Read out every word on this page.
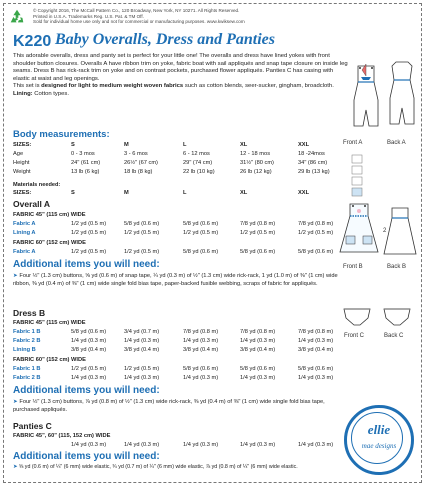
© Copyright 2016, The McCall Pattern Co., 120 Broadway, New York, NY 10271. All Rights Reserved.
Printed in U.S.A. Trademarks Reg. U.S. Pat. & TM Off.
Sold for individual home use only and not for commercial or manufacturing purposes. www.kwiksew.com
K220 Baby Overalls, Dress and Panties
This adorable overalls, dress and panty set is perfect for your little one! The overalls and dress have lined yokes with front shoulder button closures. Overalls A have ribbon trim on yoke, fabric boat with sail appliqués and snap tape closure on inside leg seams. Dress B has rick-rack trim on yoke and on contrast pockets, purchased flower appliqués. Panties C has casing with elastic at waist and leg openings.
This set is designed for light to medium weight woven fabrics such as cotton blends, seer-sucker, gingham, broadcloth. Lining: Cotton types.
Body measurements:
SIZES:	S	M	L	XL	XXL
Age	0 - 3 mos	3 - 6 mos	6 - 12 mos	12 - 18 mos	18 -24mos
Height	24" (61 cm)	26½" (67 cm)	29" (74 cm)	31½" (80 cm)	34" (86 cm)
Weight	13 lb (6 kg)	18 lb (8 kg)	22 lb (10 kg)	26 lb (12 kg)	29 lb (13 kg)
Materials needed:
SIZES:	S	M	L	XL	XXL
Overall A
FABRIC 45" (115 cm) WIDE
Fabric A	1/2 yd (0.5 m)	5/8 yd (0.6 m)	5/8 yd (0.6 m)	7/8 yd (0.8 m)	7/8 yd (0.8 m)
Lining A	1/2 yd (0.5 m)	1/2 yd (0.5 m)	1/2 yd (0.5 m)	1/2 yd (0.5 m)	1/2 yd (0.5 m)
FABRIC 60" (152 cm) WIDE
Fabric A	1/2 yd (0.5 m)	1/2 yd (0.5 m)	5/8 yd (0.6 m)	5/8 yd (0.6 m)	5/8 yd (0.6 m)
Additional items you will need:
➤ Four ½" (1.3 cm) buttons, ⅝ yd (0.6 m) of snap tape, ¼ yd (0.3 m) of ½" (1.3 cm) wide rick-rack, 1 yd (1.0 m) of ⅜" (1 cm) wide ribbon, ⅜ yd (0.4 m) of ⅜" (1 cm) wide single fold bias tape, paper-backed fusible webbing, scraps of fabric for appliqués.
Dress B
FABRIC 45" (115 cm) WIDE
Fabric 1 B	5/8 yd (0.6 m)	3/4 yd (0.7 m)	7/8 yd (0.8 m)	7/8 yd (0.8 m)	7/8 yd (0.8 m)
Fabric 2 B	1/4 yd (0.3 m)	1/4 yd (0.3 m)	1/4 yd (0.3 m)	1/4 yd (0.3 m)	1/4 yd (0.3 m)
Lining B	3/8 yd (0.4 m)	3/8 yd (0.4 m)	3/8 yd (0.4 m)	3/8 yd (0.4 m)	3/8 yd (0.4 m)
FABRIC 60" (152 cm) WIDE
Fabric 1 B	1/2 yd (0.5 m)	1/2 yd (0.5 m)	5/8 yd (0.6 m)	5/8 yd (0.6 m)	5/8 yd (0.6 m)
Fabric 2 B	1/4 yd (0.3 m)	1/4 yd (0.3 m)	1/4 yd (0.3 m)	1/4 yd (0.3 m)	1/4 yd (0.3 m)
Additional items you will need:
➤ Four ½" (1.3 cm) buttons, ⅞ yd (0.8 m) of ½" (1.3 cm) wide rick-rack, ⅜ yd (0.4 m) of ⅜" (1 cm) wide single fold bias tape, purchased appliqués.
Panties C
FABRIC 45", 60" (115, 152 cm) WIDE
1/4 yd (0.3 m)	1/4 yd (0.3 m)	1/4 yd (0.3 m)	1/4 yd (0.3 m)	1/4 yd (0.3 m)
Additional items you will need:
➤ ⅝ yd (0.6 m) of ¼" (6 mm) wide elastic, ¾ yd (0.7 m) of ¼" (6 mm) wide elastic, ⅞ yd (0.8 m) of ¼" (6 mm) wide elastic.
Front A	Back A
2
Front B	Back B
Front C	Back C
ellie
mae designs
